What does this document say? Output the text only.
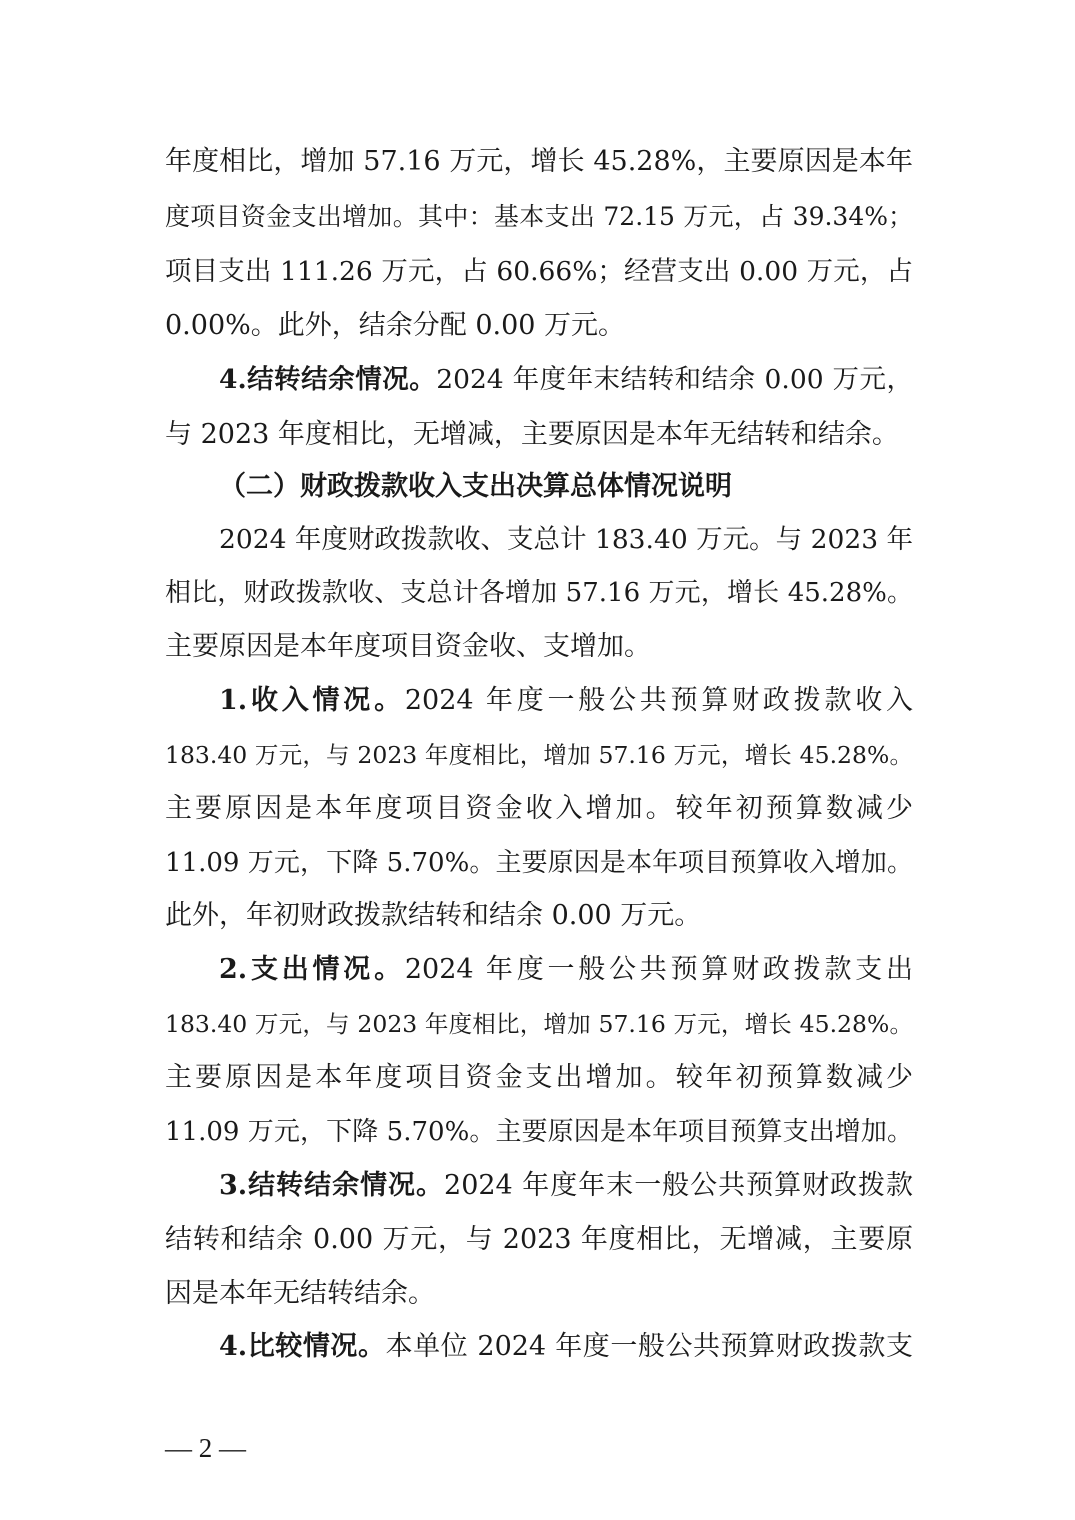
年度相比，增加 57.16 万元，增长 45.28%，主要原因是本年
度项目资金支出增加。其中：基本支出 72.15 万元，占 39.34%；
项目支出 111.26 万元，占 60.66%；经营支出 0.00 万元，占
0.00%。此外，结余分配 0.00 万元。
4.结转结余情况。2024 年度年末结转和结余 0.00 万元，
与 2023 年度相比，无增减，主要原因是本年无结转和结余。
（二）财政拨款收入支出决算总体情况说明
2024 年度财政拨款收、支总计 183.40 万元。与 2023 年
相比，财政拨款收、支总计各增加 57.16 万元，增长 45.28%。
主要原因是本年度项目资金收、支增加。
1.收入情况。2024 年度一般公共预算财政拨款收入
183.40 万元，与 2023 年度相比，增加 57.16 万元，增长 45.28%。
主要原因是本年度项目资金收入增加。较年初预算数减少
11.09 万元，下降 5.70%。主要原因是本年项目预算收入增加。
此外，年初财政拨款结转和结余 0.00 万元。
2.支出情况。2024 年度一般公共预算财政拨款支出
183.40 万元，与 2023 年度相比，增加 57.16 万元，增长 45.28%。
主要原因是本年度项目资金支出增加。较年初预算数减少
11.09 万元，下降 5.70%。主要原因是本年项目预算支出增加。
3.结转结余情况。2024 年度年末一般公共预算财政拨款
结转和结余 0.00 万元，与 2023 年度相比，无增减，主要原
因是本年无结转结余。
4.比较情况。本单位 2024 年度一般公共预算财政拨款支
— 2 —
